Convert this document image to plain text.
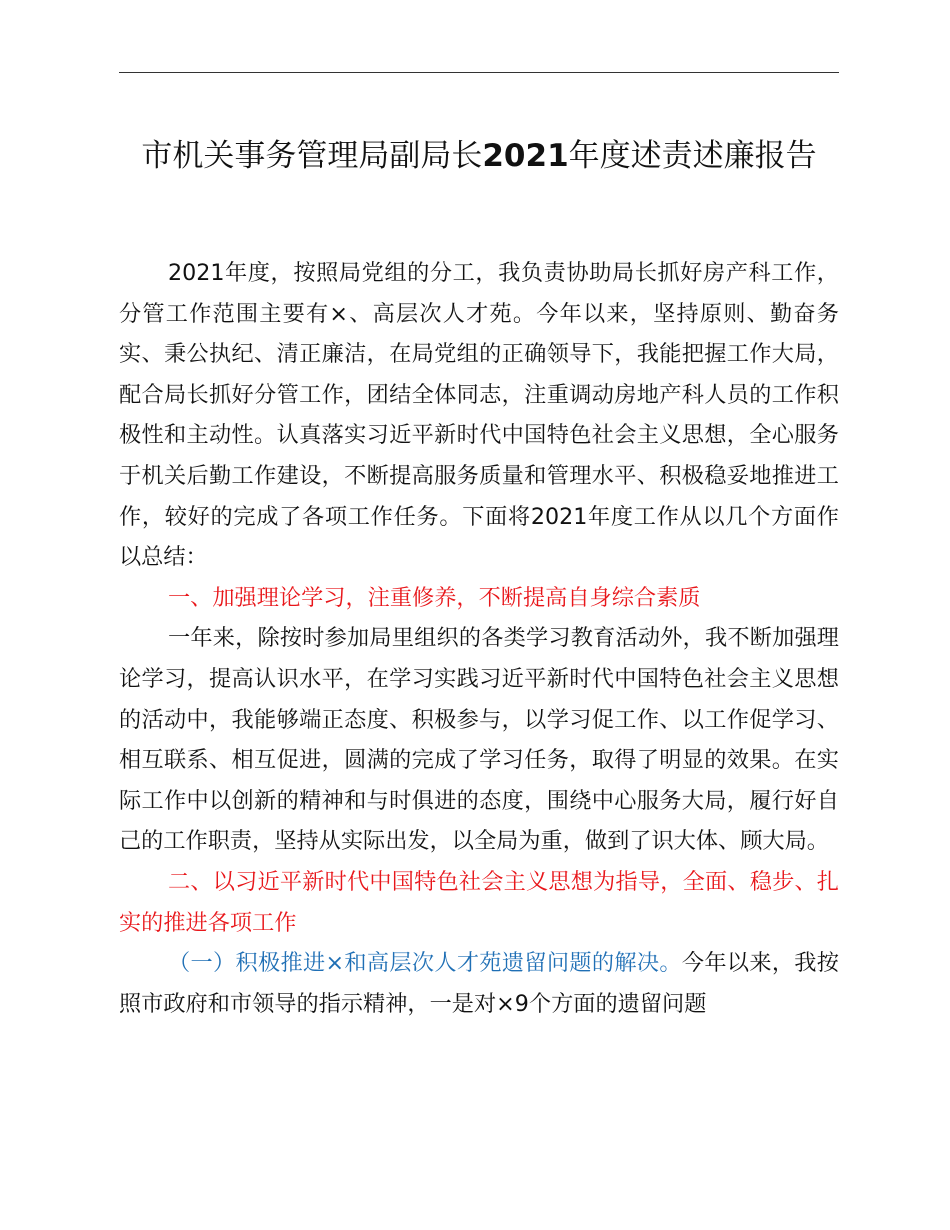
市机关事务管理局副局长2021年度述责述廉报告

2021年度，按照局党组的分工，我负责协助局长抓好房产科工作，分管工作范围主要有×、高层次人才苑。今年以来，坚持原则、勤奋务实、秉公执纪、清正廉洁，在局党组的正确领导下，我能把握工作大局，配合局长抓好分管工作，团结全体同志，注重调动房地产科人员的工作积极性和主动性。认真落实习近平新时代中国特色社会主义思想，全心服务于机关后勤工作建设，不断提高服务质量和管理水平、积极稳妥地推进工作，较好的完成了各项工作任务。下面将2021年度工作从以几个方面作以总结：

一、加强理论学习，注重修养，不断提高自身综合素质

一年来，除按时参加局里组织的各类学习教育活动外，我不断加强理论学习，提高认识水平，在学习实践习近平新时代中国特色社会主义思想的活动中，我能够端正态度、积极参与，以学习促工作、以工作促学习、相互联系、相互促进，圆满的完成了学习任务，取得了明显的效果。在实际工作中以创新的精神和与时俱进的态度，围绕中心服务大局，履行好自己的工作职责，坚持从实际出发，以全局为重，做到了识大体、顾大局。

二、以习近平新时代中国特色社会主义思想为指导，全面、稳步、扎实的推进各项工作

（一）积极推进×和高层次人才苑遗留问题的解决。今年以来，我按照市政府和市领导的指示精神，一是对×9个方面的遗留问题
